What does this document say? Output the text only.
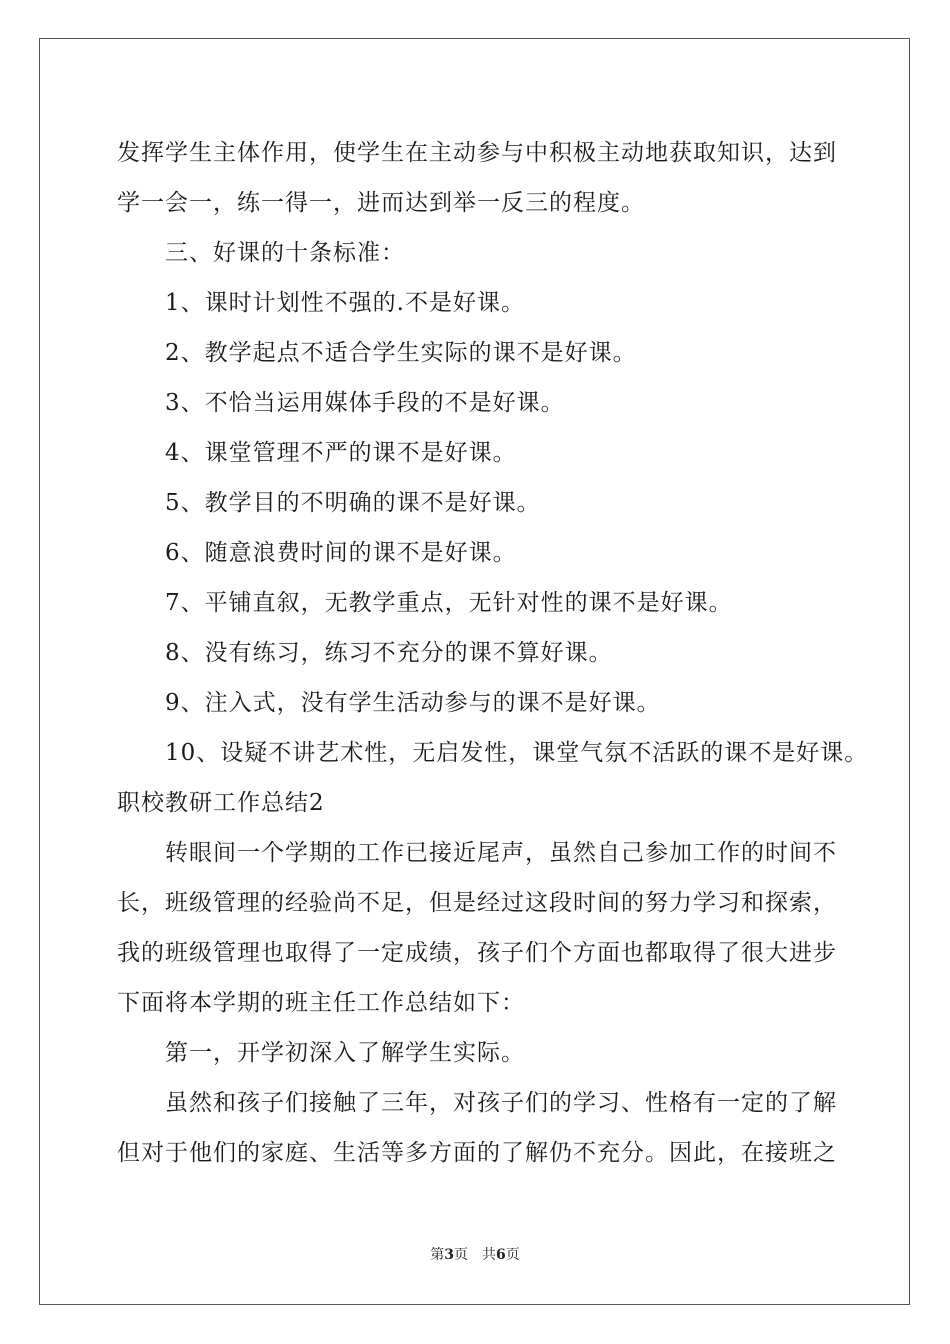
发挥学生主体作用，使学生在主动参与中积极主动地获取知识，达到
学一会一，练一得一，进而达到举一反三的程度。
三、好课的十条标准：
1、课时计划性不强的.不是好课。
2、教学起点不适合学生实际的课不是好课。
3、不恰当运用媒体手段的不是好课。
4、课堂管理不严的课不是好课。
5、教学目的不明确的课不是好课。
6、随意浪费时间的课不是好课。
7、平铺直叙，无教学重点，无针对性的课不是好课。
8、没有练习，练习不充分的课不算好课。
9、注入式，没有学生活动参与的课不是好课。
10、设疑不讲艺术性，无启发性，课堂气氛不活跃的课不是好课。
职校教研工作总结2
转眼间一个学期的工作已接近尾声，虽然自己参加工作的时间不
长，班级管理的经验尚不足，但是经过这段时间的努力学习和探索，
我的班级管理也取得了一定成绩，孩子们个方面也都取得了很大进步
下面将本学期的班主任工作总结如下：
第一，开学初深入了解学生实际。
虽然和孩子们接触了三年，对孩子们的学习、性格有一定的了解
但对于他们的家庭、生活等多方面的了解仍不充分。因此，在接班之
第3页 共6页
